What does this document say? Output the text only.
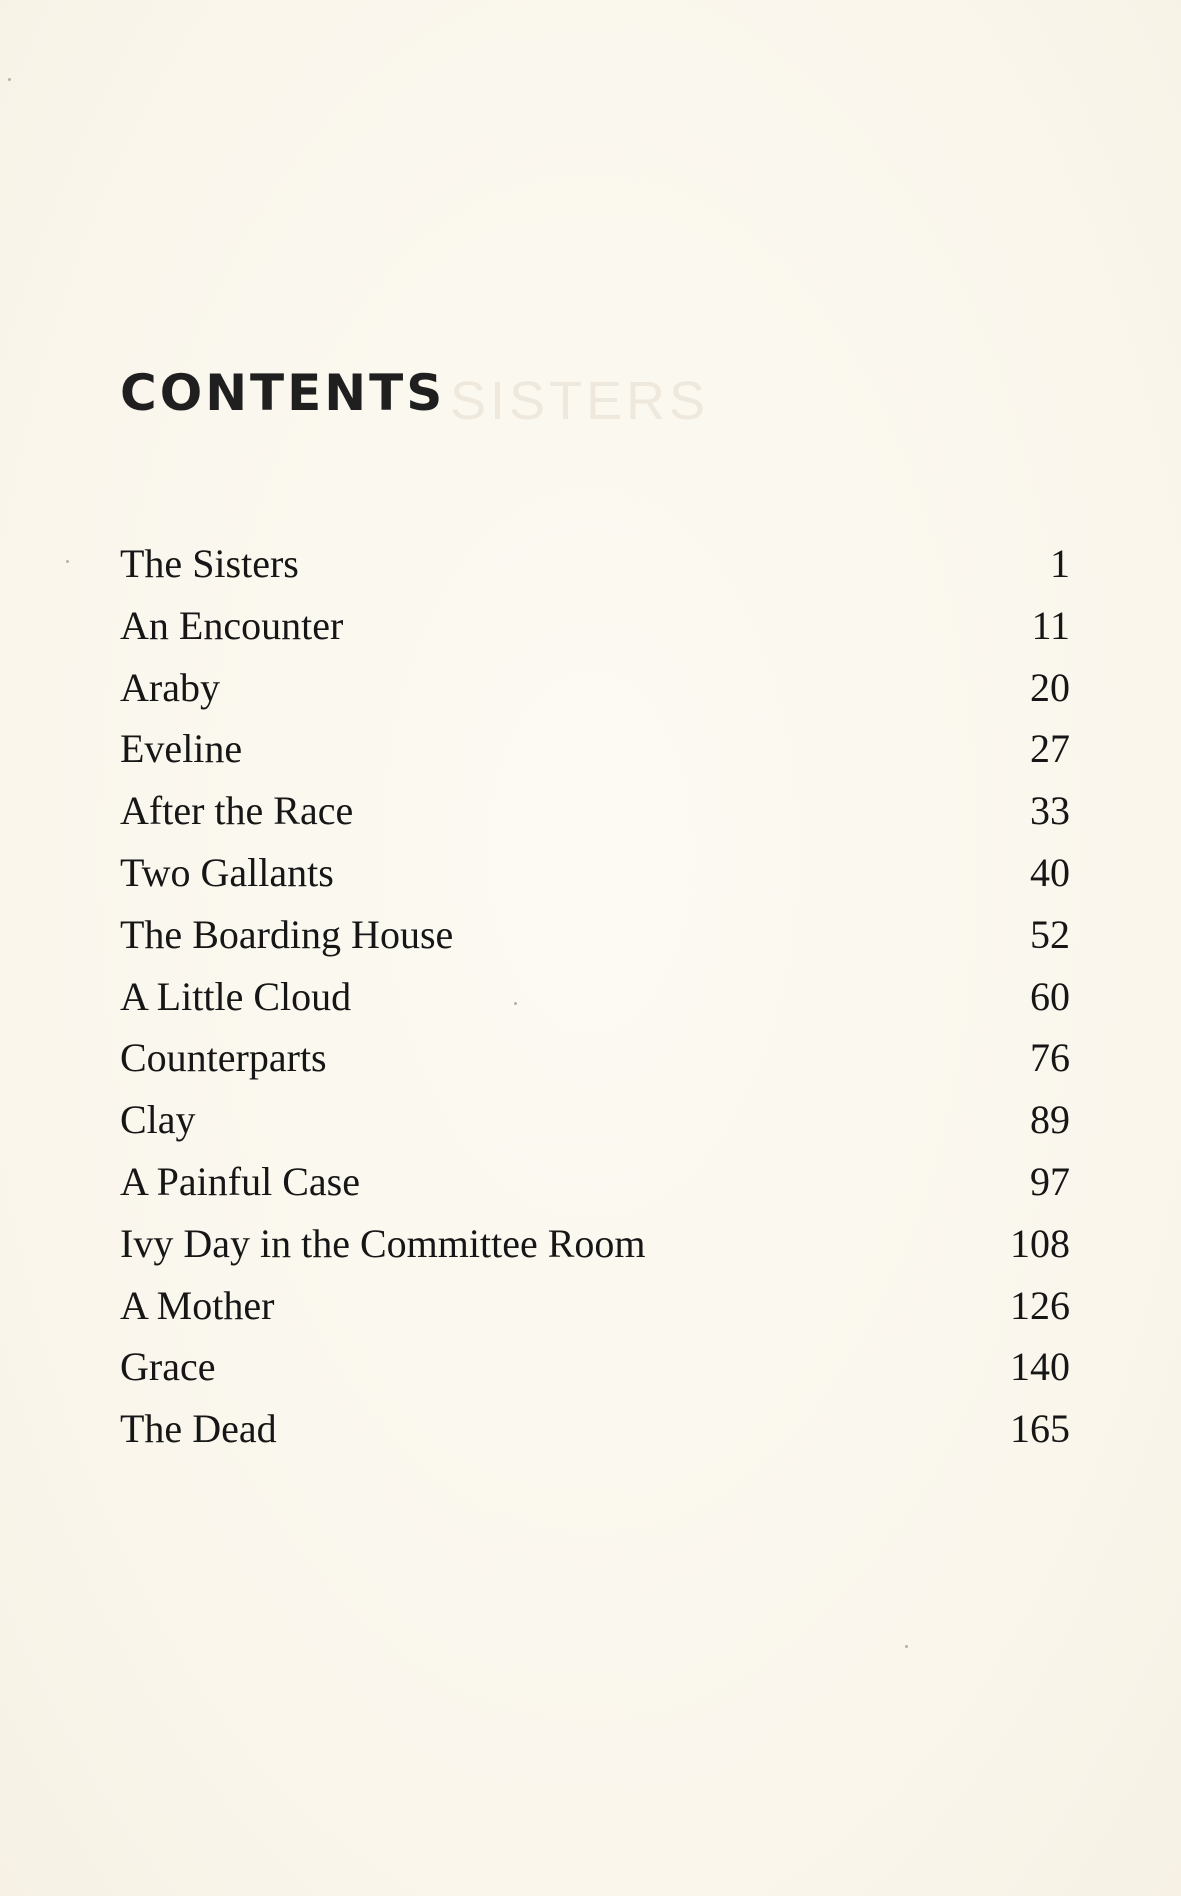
SISTERS
CONTENTS
The Sisters	1
An Encounter	11
Araby	20
Eveline	27
After the Race	33
Two Gallants	40
The Boarding House	52
A Little Cloud	60
Counterparts	76
Clay	89
A Painful Case	97
Ivy Day in the Committee Room	108
A Mother	126
Grace	140
The Dead	165
